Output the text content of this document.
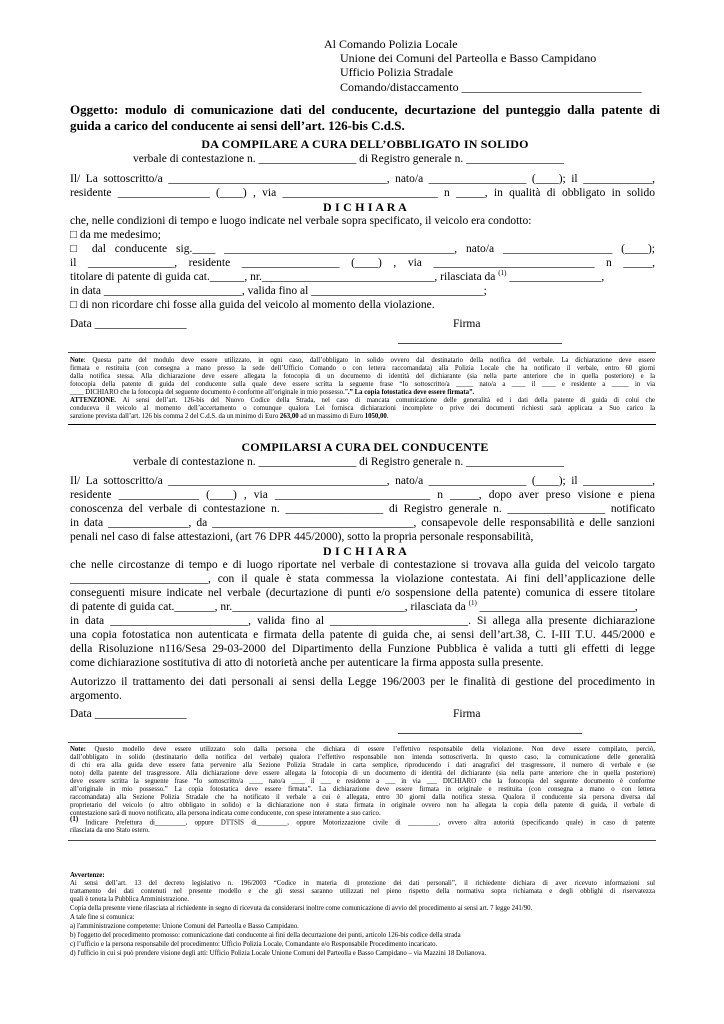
Al Comando Polizia Locale
Unione dei Comuni del Parteolla e Basso Campidano
Ufficio Polizia Stradale
Comando/distaccamento ______________________________
Oggetto: modulo di comunicazione dati del conducente, decurtazione del punteggio dalla patente di
guida a carico del conducente ai sensi dell’art. 126-bis C.d.S.
DA COMPILARE A CURA DELL’OBBLIGATO IN SOLIDO
verbale di contestazione n. _________________ di Registro generale n. _________________
Il/ La sottoscritto/a ______________________________________, nato/a _________________ (____); il ____________,
residente ________________ (____) , via ___________________________ n _____, in qualità di obbligato in solido
D I C H I A R A
che, nelle condizioni di tempo e luogo indicate nel verbale sopra specificato, il veicolo era condotto:
□ da me medesimo;
□ dal conducente sig.____ ________________________________________, nato/a ___________________ (____);
il _______________, residente _________________ (____) , via ____________________________ n _____,
titolare di patente di guida cat.______, nr.______________________________, rilasciata da $^{(1)}$ ________________,
in data ________________________, valida fino al ______________________________;
□ di non ricordare chi fosse alla guida del veicolo al momento della violazione.
Data ________________	Firma
Note: Questa parte del modulo deve essere utilizzato, in ogni caso, dall’obbligato in solido ovvero dal destinatario della notifica del verbale. La dichiarazione deve essere
firmata e restituita (con consegna a mano presso la sede dell’Ufficio Comando o con lettera raccomandata) alla Polizia Locale che ha notificato il verbale, entro 60 giorni
dalla notifica stessa. Alla dichiarazione deve essere allegata la fotocopia di un documento di identità del dichiarante (sia nella parte anteriore che in quella posteriore) e la
fotocopia della patente di guida del conducente sulla quale deve essere scritta la seguente frase “Io sottoscritto/a _____ nato/a a ____ il ____ e residente a _____ in via
____ DICHIARO che la fotocopia del seguente documento è conforme all’originale in mio possesso.”.” La copia fotostatica deve essere firmata”.
ATTENZIONE. Ai sensi dell’art. 126-bis del Nuovo Codice della Strada, nel caso di mancata comunicazione delle generalità ed i dati della patente di guida di colui che
conduceva il veicolo al momento dell’accertamento o comunque qualora Lei fornisca dichiarazioni incomplete o prive dei documenti richiesti sarà applicata a Suo carico la
sanzione prevista dall’art. 126 bis comma 2 del C.d.S. da un minimo di Euro 263,00 ad un massimo di Euro 1050,00.
COMPILARSI A CURA DEL CONDUCENTE
verbale di contestazione n. _________________ di Registro generale n. _________________
Il/ La sottoscritto/a ______________________________________, nato/a _________________ (____); il ____________,
residente ______________ (____) , via ___________________________ n _____, dopo aver preso visione e piena
conoscenza del verbale di contestazione n. _________________ di Registro generale n. _________________ notificato
in data ______________, da ___________________________________, consapevole delle responsabilità e delle sanzioni
penali nel caso di false attestazioni, (art 76 DPR 445/2000), sotto la propria personale responsabilità,
D I C H I A R A
che nelle circostanze di tempo e di luogo riportate nel verbale di contestazione si trovava alla guida del veicolo targato
________________________, con il quale è stata commessa la violazione contestata. Ai fini dell’applicazione delle
conseguenti misure indicate nel verbale (decurtazione di punti e/o sospensione della patente) comunica di essere titolare
di patente di guida cat._______, nr.______________________________, rilasciata da $^{(1)}$ ___________________________,
in data ________________________, valida fino al ________________________. Si allega alla presente dichiarazione
una copia fotostatica non autenticata e firmata della patente di guida che, ai sensi dell’art.38, C. I-III T.U. 445/2000 e
della Risoluzione n116/Sesa 29-03-2000 del Dipartimento della Funzione Pubblica è valida a tutti gli effetti di legge
come dichiarazione sostitutiva di atto di notorietà anche per autenticare la firma apposta sulla presente.
Autorizzo il trattamento dei dati personali ai sensi della Legge 196/2003 per le finalità di gestione del procedimento in
argomento.
Data ________________	Firma
Note: Questo modello deve essere utilizzato solo dalla persona che dichiara di essere l’effettivo responsabile della violazione. Non deve essere compilato, perciò,
dall’obbligato in solido (destinatario della notifica del verbale) qualora l’effettivo responsabile non intenda sottoscriverla. In questo caso, la comunicazione delle generalità
di chi era alla guida deve essere fatta pervenire alla Sezione Polizia Stradale in carta semplice, riproducendo i dati anagrafici del trasgressore, il numero di verbale e (se
noto) della patente del trasgressore. Alla dichiarazione deve essere allegata la fotocopia di un documento di identità del dichiarante (sia nella parte anteriore che in quella posteriore)
deve essere scritta la seguente frase “Io sottoscritto/a ____ nato/a ____ il ___ e residente a ___ in via ___ DICHIARO che la fotocopia del seguente documento è conforme
all’originale in mio possesso.” La copia fotostatica deve essere firmata”. La dichiarazione deve essere firmata in originale e restituita (con consegna a mano o con lettera
raccomandata) alla Sezione Polizia Stradale che ha notificato il verbale a cui è allegata, entro 30 giorni dalla notifica stessa. Qualora il conducente sia persona diversa dal
proprietario del veicolo (o altro obbligato in solido) e la dichiarazione non è stata firmata in originale ovvero non ha allegata la copia della patente di guida, il verbale di
contestazione sarà di nuovo notificato, alla persona indicata come conducente, con spese interamente a suo carico.
$^{(1)}$ Indicare Prefettura di_________, oppure DTTSIS di_________, oppure Motorizzazione civile di _________, ovvero altra autorità (specificando quale) in caso di patente
rilasciata da uno Stato estero.
Avvertenze:
Ai sensi dell’art. 13 del decreto legislativo n. 196/2003 “Codice in materia di protezione dei dati personali”, il richiedente dichiara di aver ricevuto informazioni sul
trattamento dei dati contenuti nel presente modello e che gli stessi saranno utilizzati nel pieno rispetto della normativa sopra richiamata e degli obblighi di riservatezza
quali è tenuta la Pubblica Amministrazione.
Copia della presente viene rilasciata al richiedente in segno di ricevuta da considerarsi inoltre come comunicazione di avvio del procedimento ai sensi art. 7 legge 241/90.
A tale fine si comunica:
a) l'amministrazione competente: Unione Comuni del Parteolla e Basso Campidano.
b) l'oggetto del procedimento promosso: comunicazione dati conducente ai fini della decurtazione dei punti, articolo 126-bis codice della strada
c) l’ufficio e la persona responsabile del procedimento: Ufficio Polizia Locale, Comandante e/o Responsabile Procedimento incaricato.
d) l'ufficio in cui si può prendere visione degli atti: Ufficio Polizia Locale Unione Comuni del Parteolla e Basso Campidano – via Mazzini 18 Dolianova.
